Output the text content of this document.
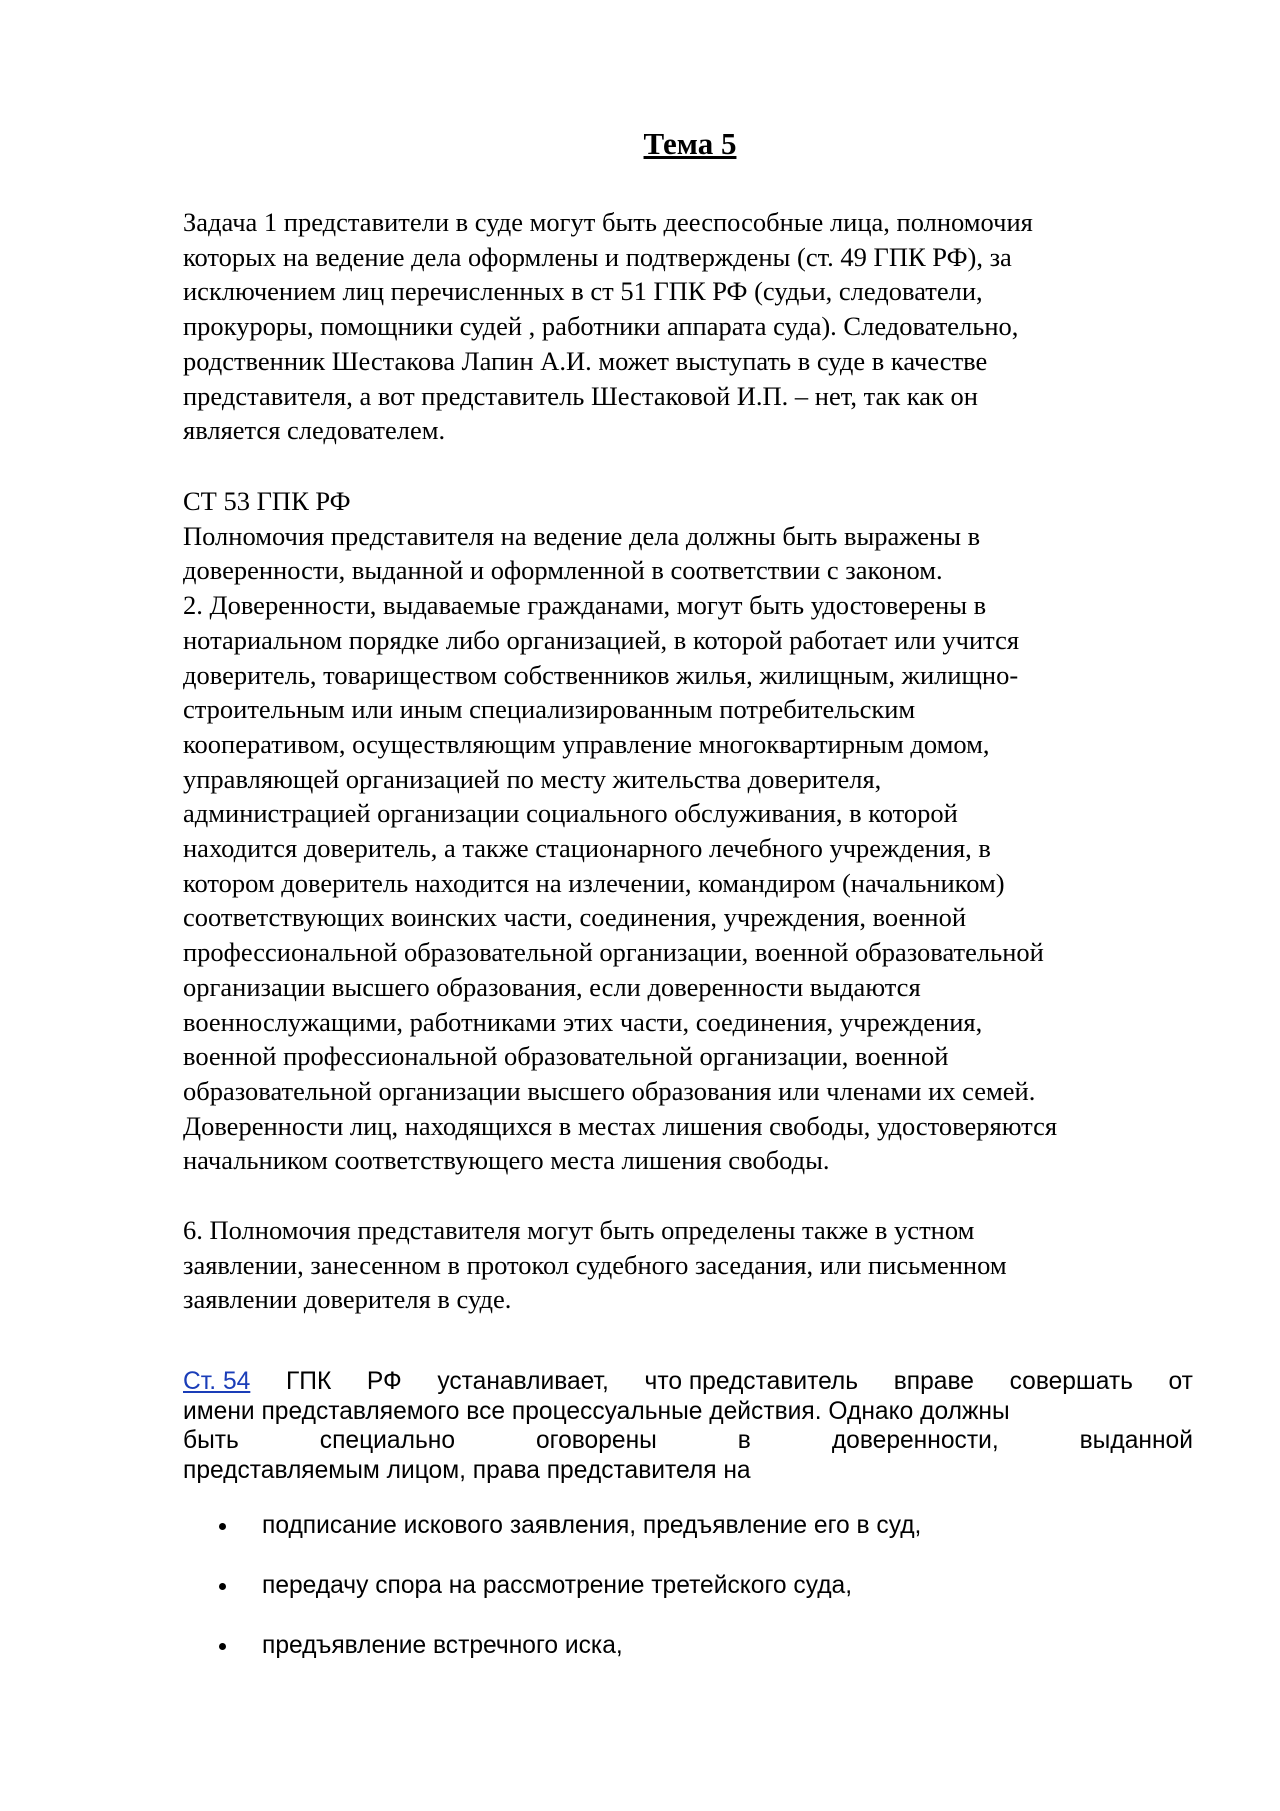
Тема 5

Задача 1 представители в суде могут быть дееспособные лица, полномочия

которых на ведение дела оформлены и подтверждены (ст. 49 ГПК РФ), за

исключением лиц перечисленных в ст 51 ГПК РФ (судьи, следователи,

прокуроры, помощники судей , работники аппарата суда). Следовательно,

родственник Шестакова Лапин А.И. может выступать в суде в качестве

представителя, а вот представитель Шестаковой И.П. – нет, так как он

является следователем.

СТ 53 ГПК РФ

Полномочия представителя на ведение дела должны быть выражены в

доверенности, выданной и оформленной в соответствии с законом.

2. Доверенности, выдаваемые гражданами, могут быть удостоверены в

нотариальном порядке либо организацией, в которой работает или учится

доверитель, товариществом собственников жилья, жилищным, жилищно-

строительным или иным специализированным потребительским

кооперативом, осуществляющим управление многоквартирным домом,

управляющей организацией по месту жительства доверителя,

администрацией организации социального обслуживания, в которой

находится доверитель, а также стационарного лечебного учреждения, в

котором доверитель находится на излечении, командиром (начальником)

соответствующих воинских части, соединения, учреждения, военной

профессиональной образовательной организации, военной образовательной

организации высшего образования, если доверенности выдаются

военнослужащими, работниками этих части, соединения, учреждения,

военной профессиональной образовательной организации, военной

образовательной организации высшего образования или членами их семей.

Доверенности лиц, находящихся в местах лишения свободы, удостоверяются

начальником соответствующего места лишения свободы.

6. Полномочия представителя могут быть определены также в устном

заявлении, занесенном в протокол судебного заседания, или письменном

заявлении доверителя в суде.

Ст. 54 ГПК РФ устанавливает, что представитель вправе совершать от
имени представляемого все процессуальные действия. Однако должны
быть	специально	оговорены	в	доверенности,	выданной
представляемым лицом, права представителя на
подписание искового заявления, предъявление его в суд,
передачу спора на рассмотрение третейского суда,
предъявление встречного иска,
